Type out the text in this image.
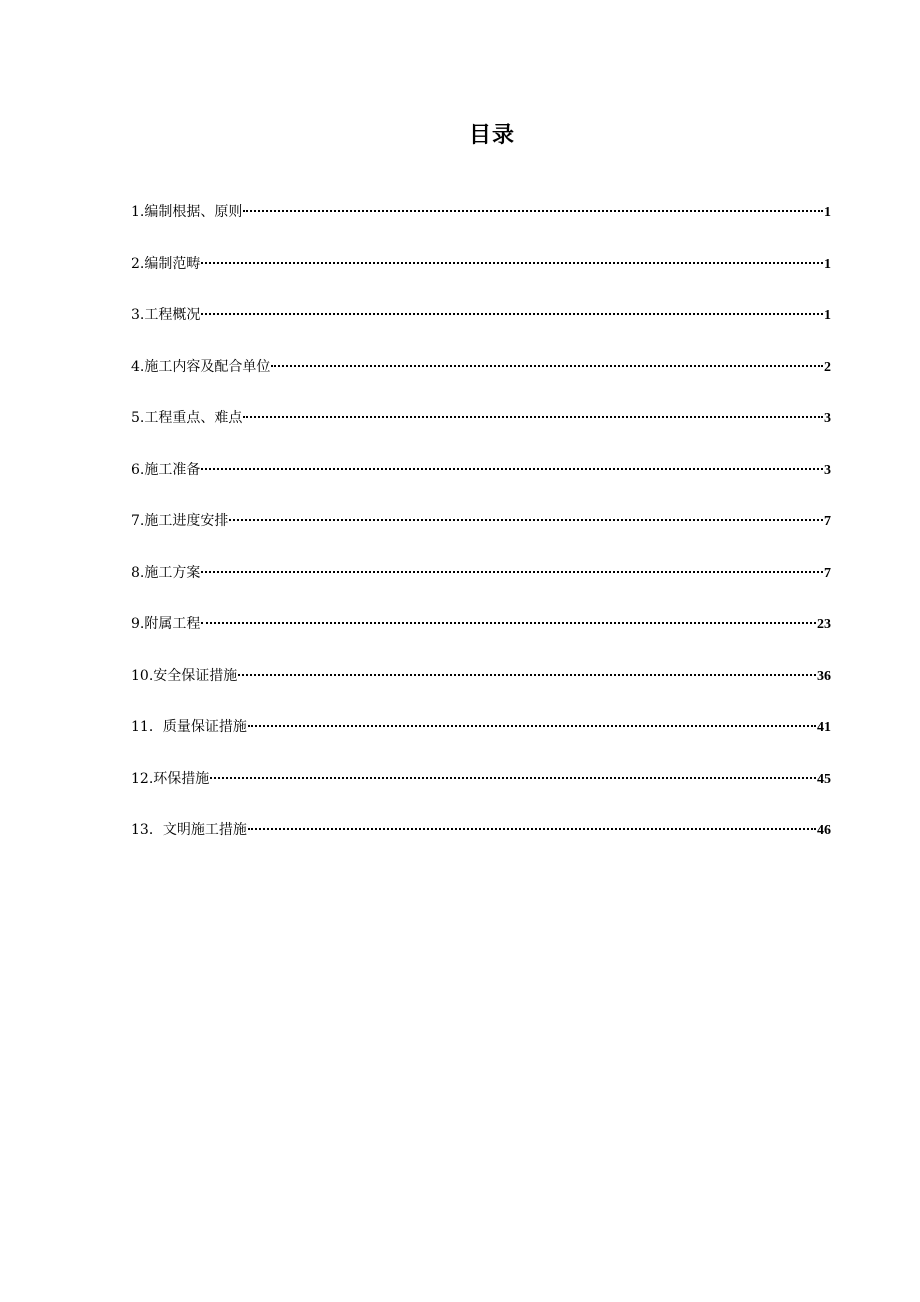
目录
1.编制根据、原则	1
2.编制范畴	1
3.工程概况	1
4.施工内容及配合单位	2
5.工程重点、难点	3
6.施工准备	3
7.施工进度安排	7
8.施工方案	7
9.附属工程	23
10.安全保证措施	36
11．质量保证措施	41
12.环保措施	45
13．文明施工措施	46
